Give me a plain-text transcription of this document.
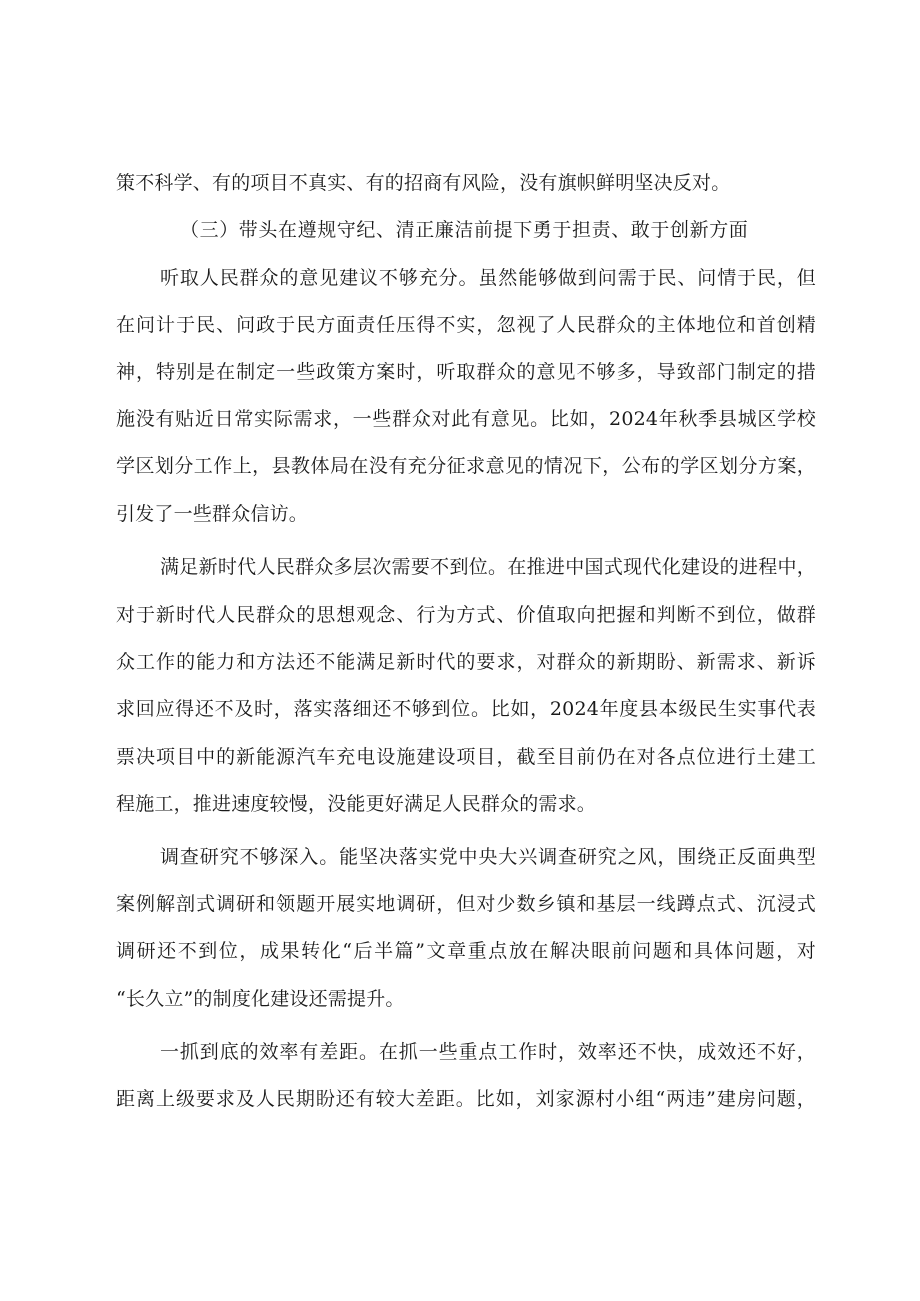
策不科学、有的项目不真实、有的招商有风险，没有旗帜鲜明坚决反对。
（三）带头在遵规守纪、清正廉洁前提下勇于担责、敢于创新方面
听取人民群众的意见建议不够充分。虽然能够做到问需于民、问情于民，但
在问计于民、问政于民方面责任压得不实，忽视了人民群众的主体地位和首创精
神，特别是在制定一些政策方案时，听取群众的意见不够多，导致部门制定的措
施没有贴近日常实际需求，一些群众对此有意见。比如，2024年秋季县城区学校
学区划分工作上，县教体局在没有充分征求意见的情况下，公布的学区划分方案，
引发了一些群众信访。
满足新时代人民群众多层次需要不到位。在推进中国式现代化建设的进程中，
对于新时代人民群众的思想观念、行为方式、价值取向把握和判断不到位，做群
众工作的能力和方法还不能满足新时代的要求，对群众的新期盼、新需求、新诉
求回应得还不及时，落实落细还不够到位。比如，2024年度县本级民生实事代表
票决项目中的新能源汽车充电设施建设项目，截至目前仍在对各点位进行土建工
程施工，推进速度较慢，没能更好满足人民群众的需求。
调查研究不够深入。能坚决落实党中央大兴调查研究之风，围绕正反面典型
案例解剖式调研和领题开展实地调研，但对少数乡镇和基层一线蹲点式、沉浸式
调研还不到位，成果转化“后半篇”文章重点放在解决眼前问题和具体问题，对
“长久立”的制度化建设还需提升。
一抓到底的效率有差距。在抓一些重点工作时，效率还不快，成效还不好，
距离上级要求及人民期盼还有较大差距。比如，刘家源村小组“两违”建房问题，
